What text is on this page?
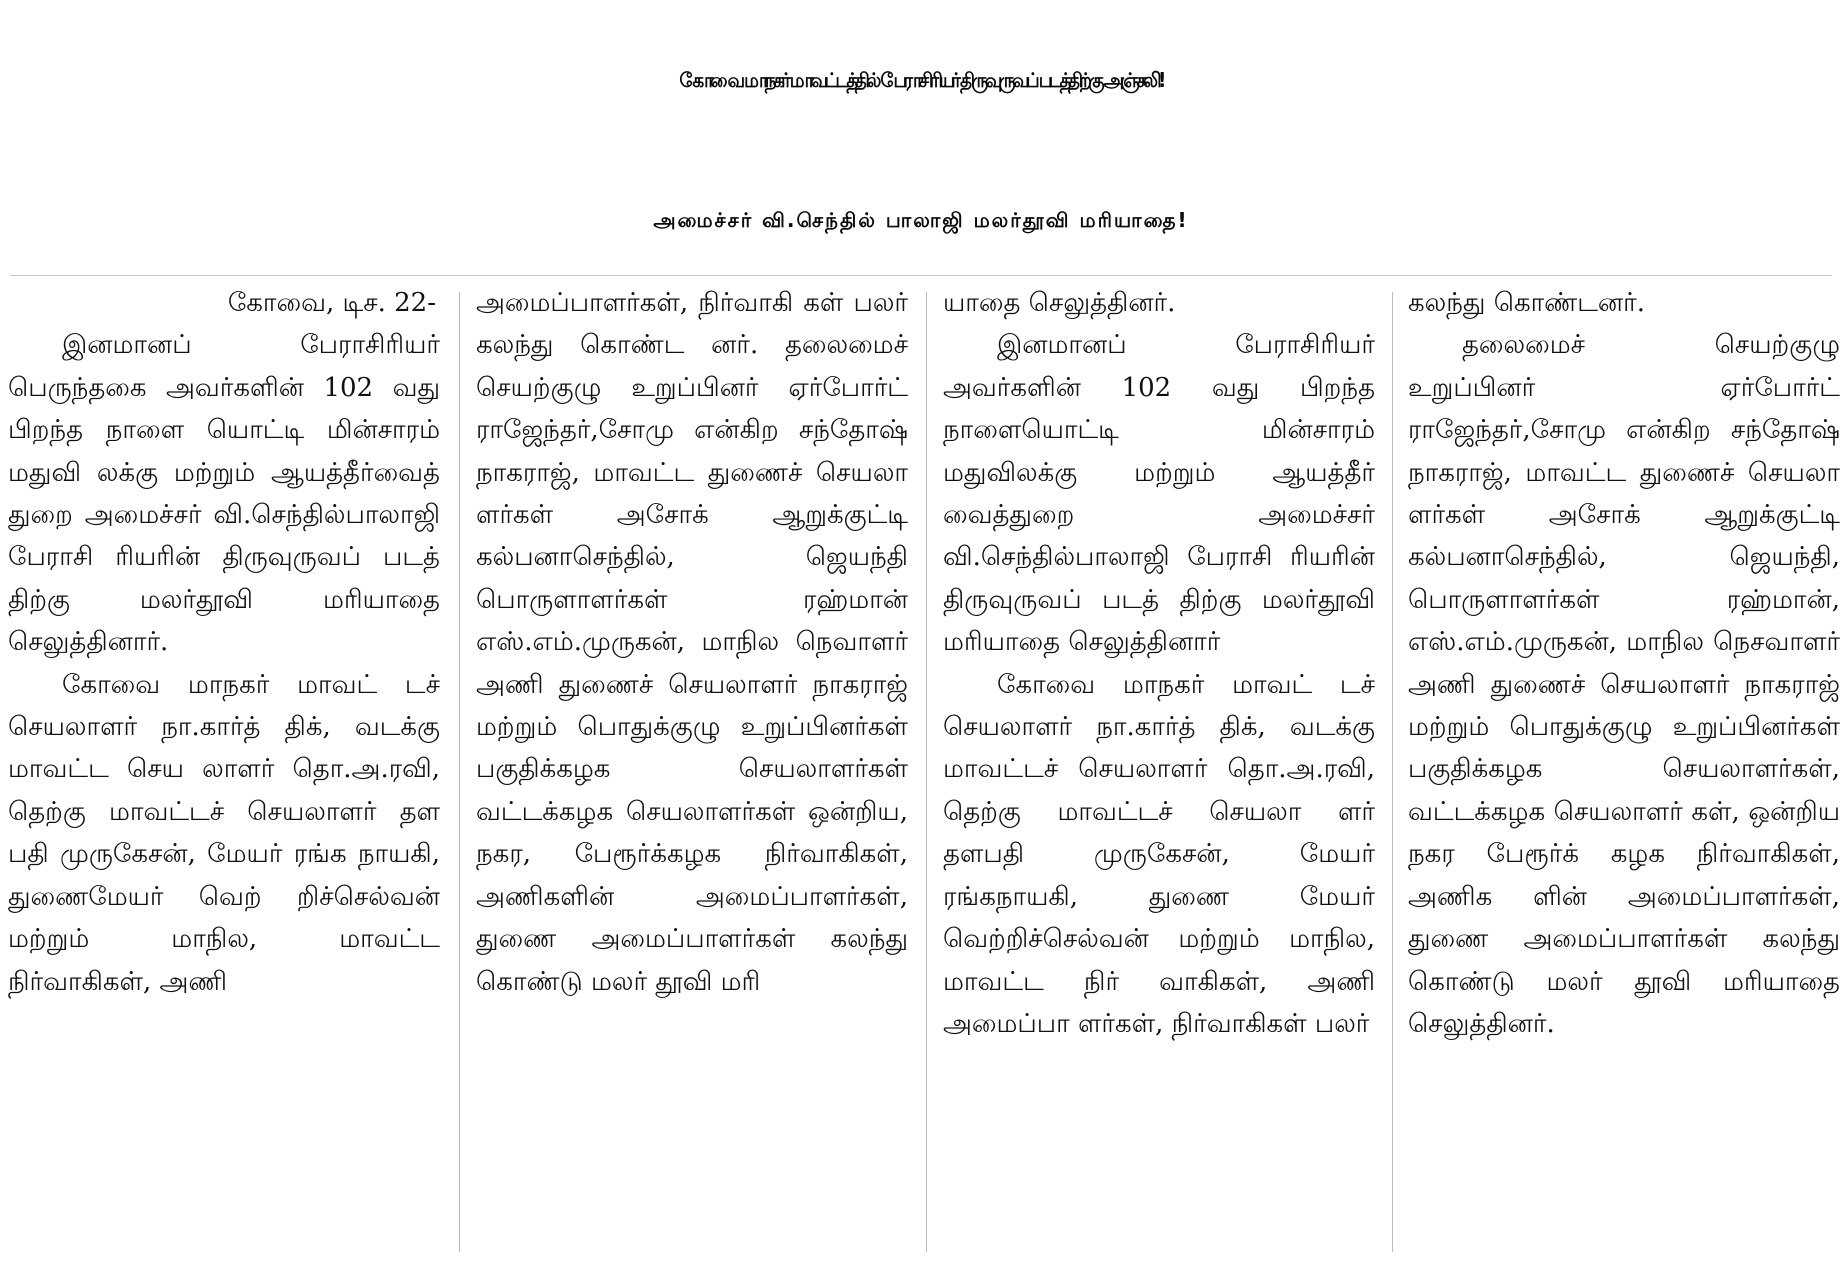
கோவை மாநகர் மாவட்டத்தில் பேராசிரியர் திருவுருவப் படத்திற்கு அஞ்சலி!
அமைச்சர் வி.செந்தில் பாலாஜி மலர்தூவி மரியாதை!

கோவை, டிச. 22-

இனமானப் பேராசிரியர் பெருந்தகை அவர்களின் 102 வது பிறந்த நாளை யொட்டி மின்சாரம் மதுவி லக்கு மற்றும் ஆயத்தீர்வைத் துறை அமைச்சர் வி.செந்தில்பாலாஜி பேராசி ரியரின் திருவுருவப் படத் திற்கு மலர்தூவி மரியாதை செலுத்தினார்.

கோவை மாநகர் மாவட் டச் செயலாளர் நா.கார்த் திக், வடக்கு மாவட்ட செய லாளர் தொ.அ.ரவி, தெற்கு மாவட்டச் செயலாளர் தள பதி முருகேசன், மேயர் ரங்க நாயகி, துணைமேயர் வெற் றிச்செல்வன் மற்றும் மாநில, மாவட்ட நிர்வாகிகள், அணி

அமைப்பாளர்கள், நிர்வாகி கள் பலர் கலந்து கொண்ட னர். தலைமைச் செயற்குழு உறுப்பினர் ஏர்போர்ட் ராஜேந்தர்,சோமு என்கிற சந்தோஷ் நாகராஜ், மாவட்ட துணைச் செயலா ளர்கள் அசோக் ஆறுக்குட்டி கல்பனாசெந்தில், ஜெயந்தி பொருளாளர்கள் ரஹ்மான் எஸ்.எம்.முருகன், மாநில நெவாளர் அணி துணைச் செயலாளர் நாகராஜ் மற்றும் பொதுக்குழு உறுப்பினர்கள் பகுதிக்கழக செயலாளர்கள் வட்டக்கழக செயலாளர்கள் ஒன்றிய, நகர, பேரூர்க்கழக நிர்வாகிகள், அணிகளின் அமைப்பாளர்கள், துணை அமைப்பாளர்கள் கலந்து கொண்டு மலர் தூவி மரி

யாதை செலுத்தினர்.

இனமானப் பேராசிரியர் அவர்களின் 102 வது பிறந்த நாளையொட்டி மின்சாரம் மதுவிலக்கு மற்றும் ஆயத்தீர் வைத்துறை அமைச்சர் வி.செந்தில்பாலாஜி பேராசி ரியரின் திருவுருவப் படத் திற்கு மலர்தூவி மரியாதை செலுத்தினார்

கோவை மாநகர் மாவட் டச் செயலாளர் நா.கார்த் திக், வடக்கு மாவட்டச் செயலாளர் தொ.அ.ரவி, தெற்கு மாவட்டச் செயலா ளர் தளபதி முருகேசன், மேயர் ரங்கநாயகி, துணை மேயர் வெற்றிச்செல்வன் மற்றும் மாநில, மாவட்ட நிர் வாகிகள், அணி அமைப்பா ளர்கள், நிர்வாகிகள் பலர்

கலந்து கொண்டனர்.

தலைமைச் செயற்குழு உறுப்பினர் ஏர்போர்ட் ராஜேந்தர்,சோமு என்கிற சந்தோஷ் நாகராஜ், மாவட்ட துணைச் செயலா ளர்கள் அசோக் ஆறுக்குட்டி கல்பனாசெந்தில், ஜெயந்தி, பொருளாளர்கள் ரஹ்மான், எஸ்.எம்.முருகன், மாநில நெசவாளர் அணி துணைச் செயலாளர் நாகராஜ் மற்றும் பொதுக்குழு உறுப்பினர்கள் பகுதிக்கழக செயலாளர்கள், வட்டக்கழக செயலாளர் கள், ஒன்றிய நகர பேரூர்க் கழக நிர்வாகிகள், அணிக ளின் அமைப்பாளர்கள், துணை அமைப்பாளர்கள் கலந்து கொண்டு மலர் தூவி மரியாதை செலுத்தினர்.
